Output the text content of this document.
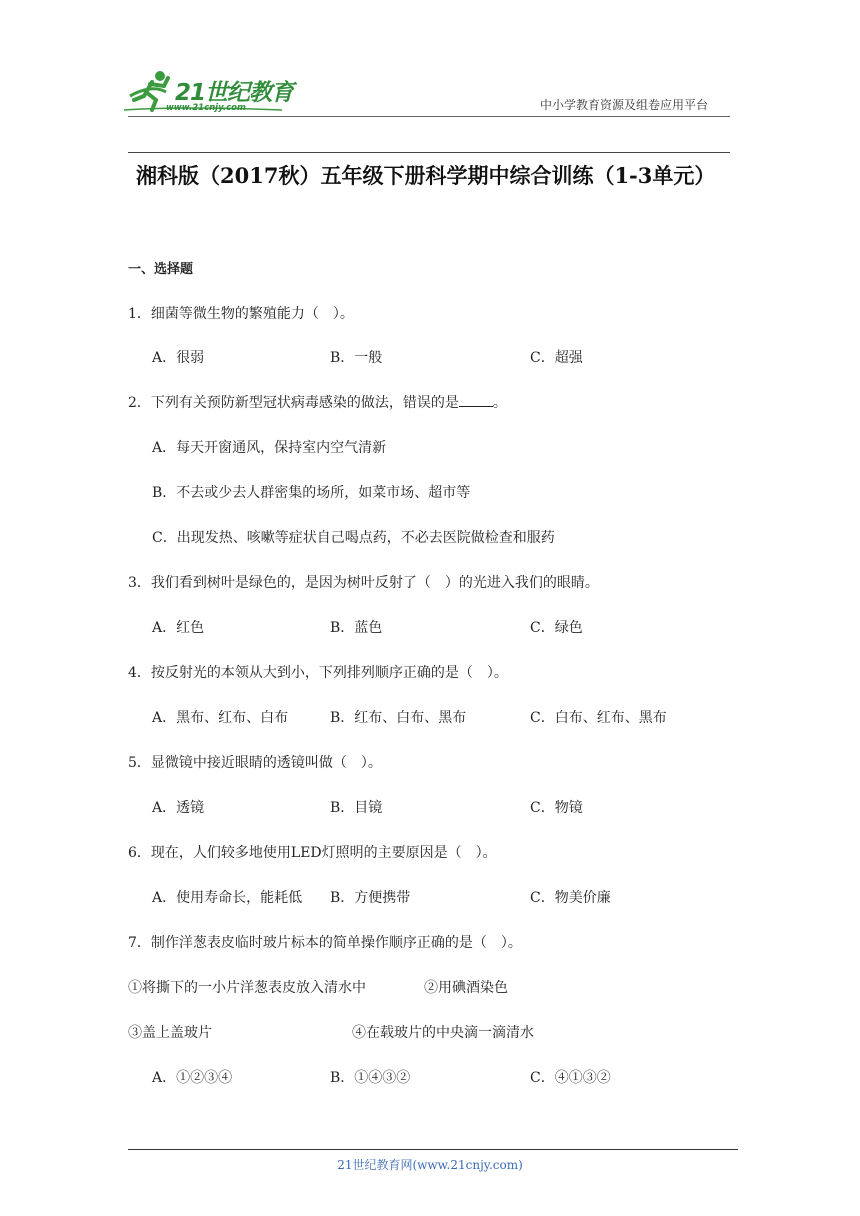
21世纪教育
www.21cnjy.com	中小学教育资源及组卷应用平台
湘科版（2017秋）五年级下册科学期中综合训练（1-3单元）
一、选择题
1．细菌等微生物的繁殖能力（　）。
A．很弱	B．一般	C．超强
2．下列有关预防新型冠状病毒感染的做法，错误的是 。
A．每天开窗通风，保持室内空气清新
B．不去或少去人群密集的场所，如菜市场、超市等
C．出现发热、咳嗽等症状自己喝点药，不必去医院做检查和服药
3．我们看到树叶是绿色的，是因为树叶反射了（　）的光进入我们的眼睛。
A．红色	B．蓝色	C．绿色
4．按反射光的本领从大到小，下列排列顺序正确的是（　）。
A．黑布、红布、白布	B．红布、白布、黑布	C．白布、红布、黑布
5．显微镜中接近眼睛的透镜叫做（　）。
A．透镜	B．目镜	C．物镜
6．现在，人们较多地使用LED灯照明的主要原因是（　）。
A．使用寿命长，能耗低 B．方便携带	C．物美价廉
7．制作洋葱表皮临时玻片标本的简单操作顺序正确的是（　）。
①将撕下的一小片洋葱表皮放入清水中	②用碘酒染色
③盖上盖玻片	④在载玻片的中央滴一滴清水
A．①②③④	B．①④③②	C．④①③②
21世纪教育网(www.21cnjy.com)
